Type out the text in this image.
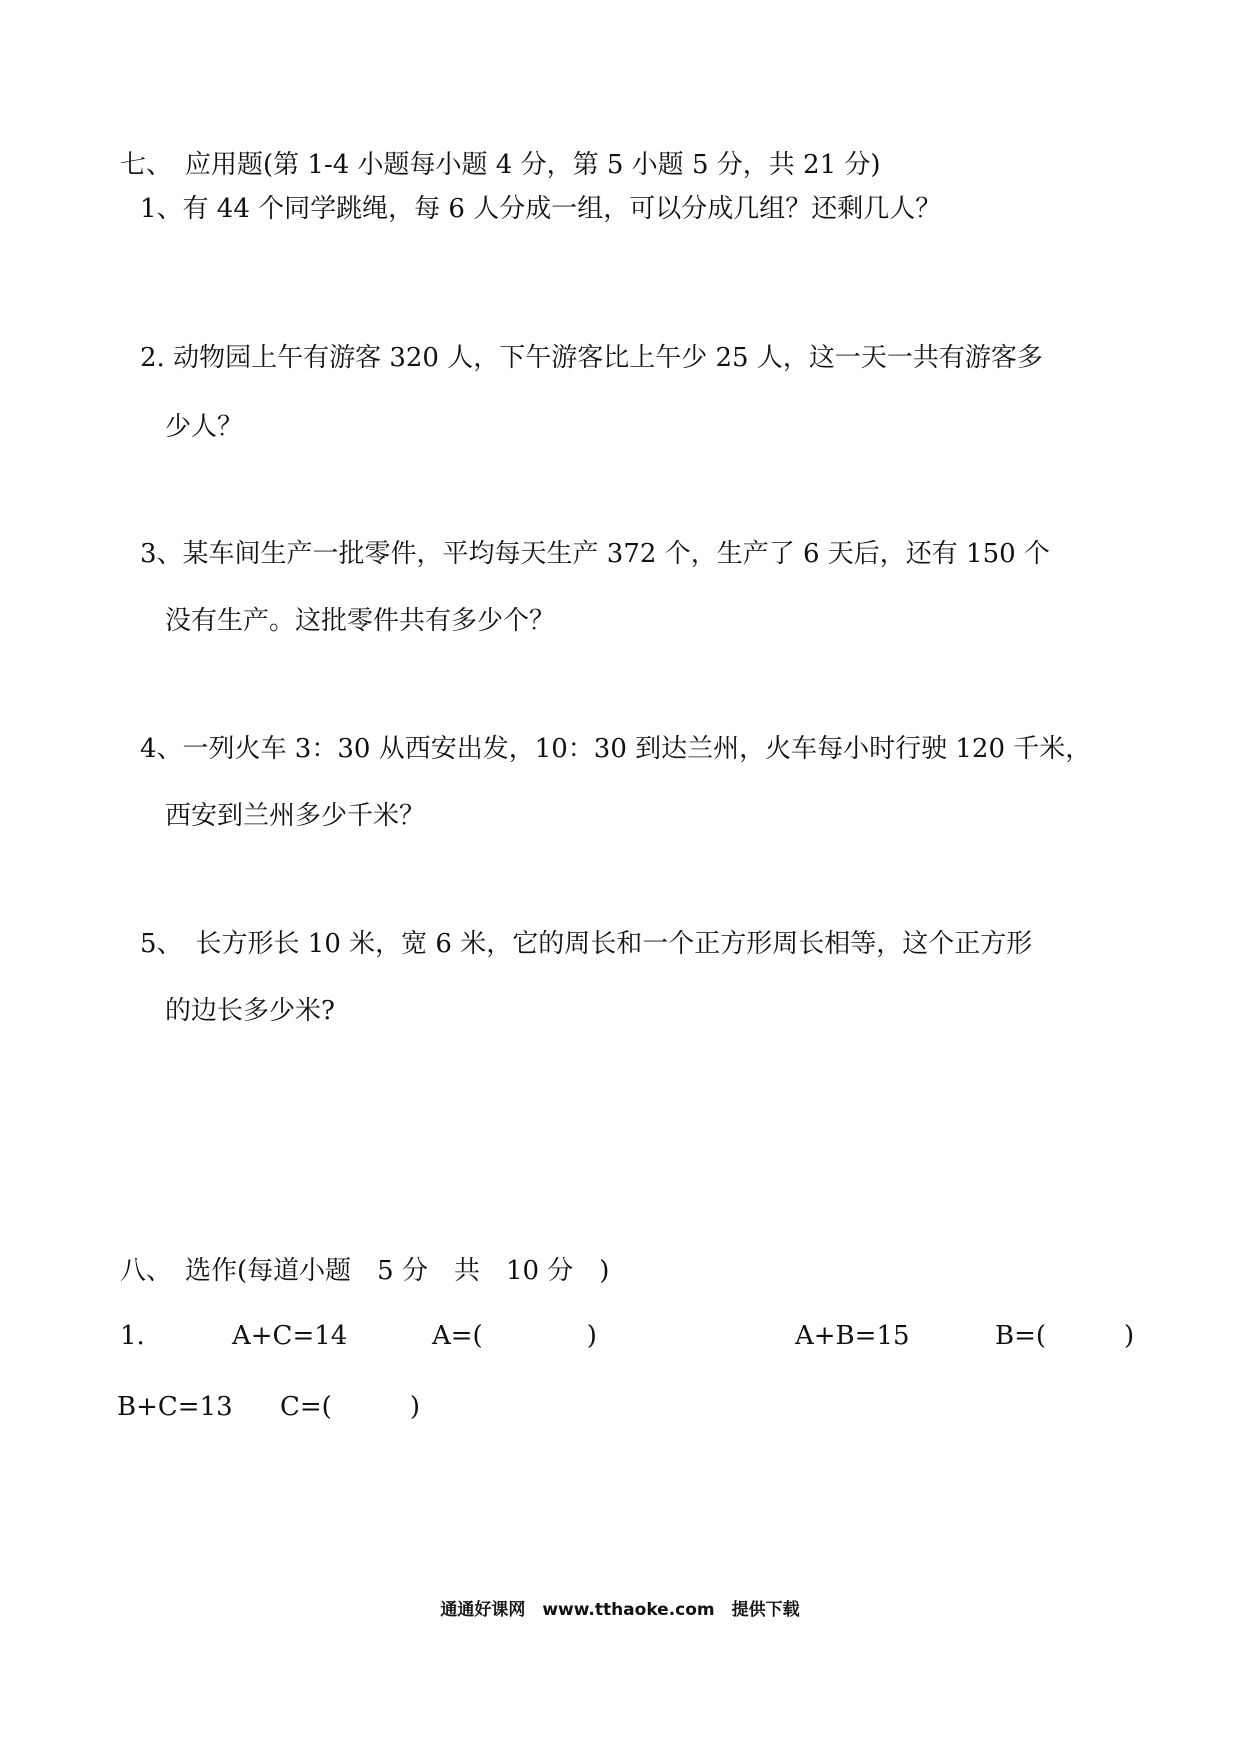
七、　应用题(第 1-4 小题每小题 4 分，第 5 小题 5 分，共 21 分)
1、有 44 个同学跳绳，每 6 人分成一组，可以分成几组？还剩几人？
2. 动物园上午有游客 320 人，下午游客比上午少 25 人，这一天一共有游客多
少人？
3、某车间生产一批零件，平均每天生产 372 个，生产了 6 天后，还有 150 个
没有生产。这批零件共有多少个？
4、一列火车 3：30 从西安出发，10：30 到达兰州，火车每小时行驶 120 千米，
西安到兰州多少千米？
5、　长方形长 10 米，宽 6 米，它的周长和一个正方形周长相等，这个正方形
的边长多少米?
八、　选作(每道小题　5 分　共　10 分　)
1.	A+C=14	A=(　　　　)	A+B=15	B=(　　　)
B+C=13 C=(　　　)
通通好课网　www.tthaoke.com　提供下载
